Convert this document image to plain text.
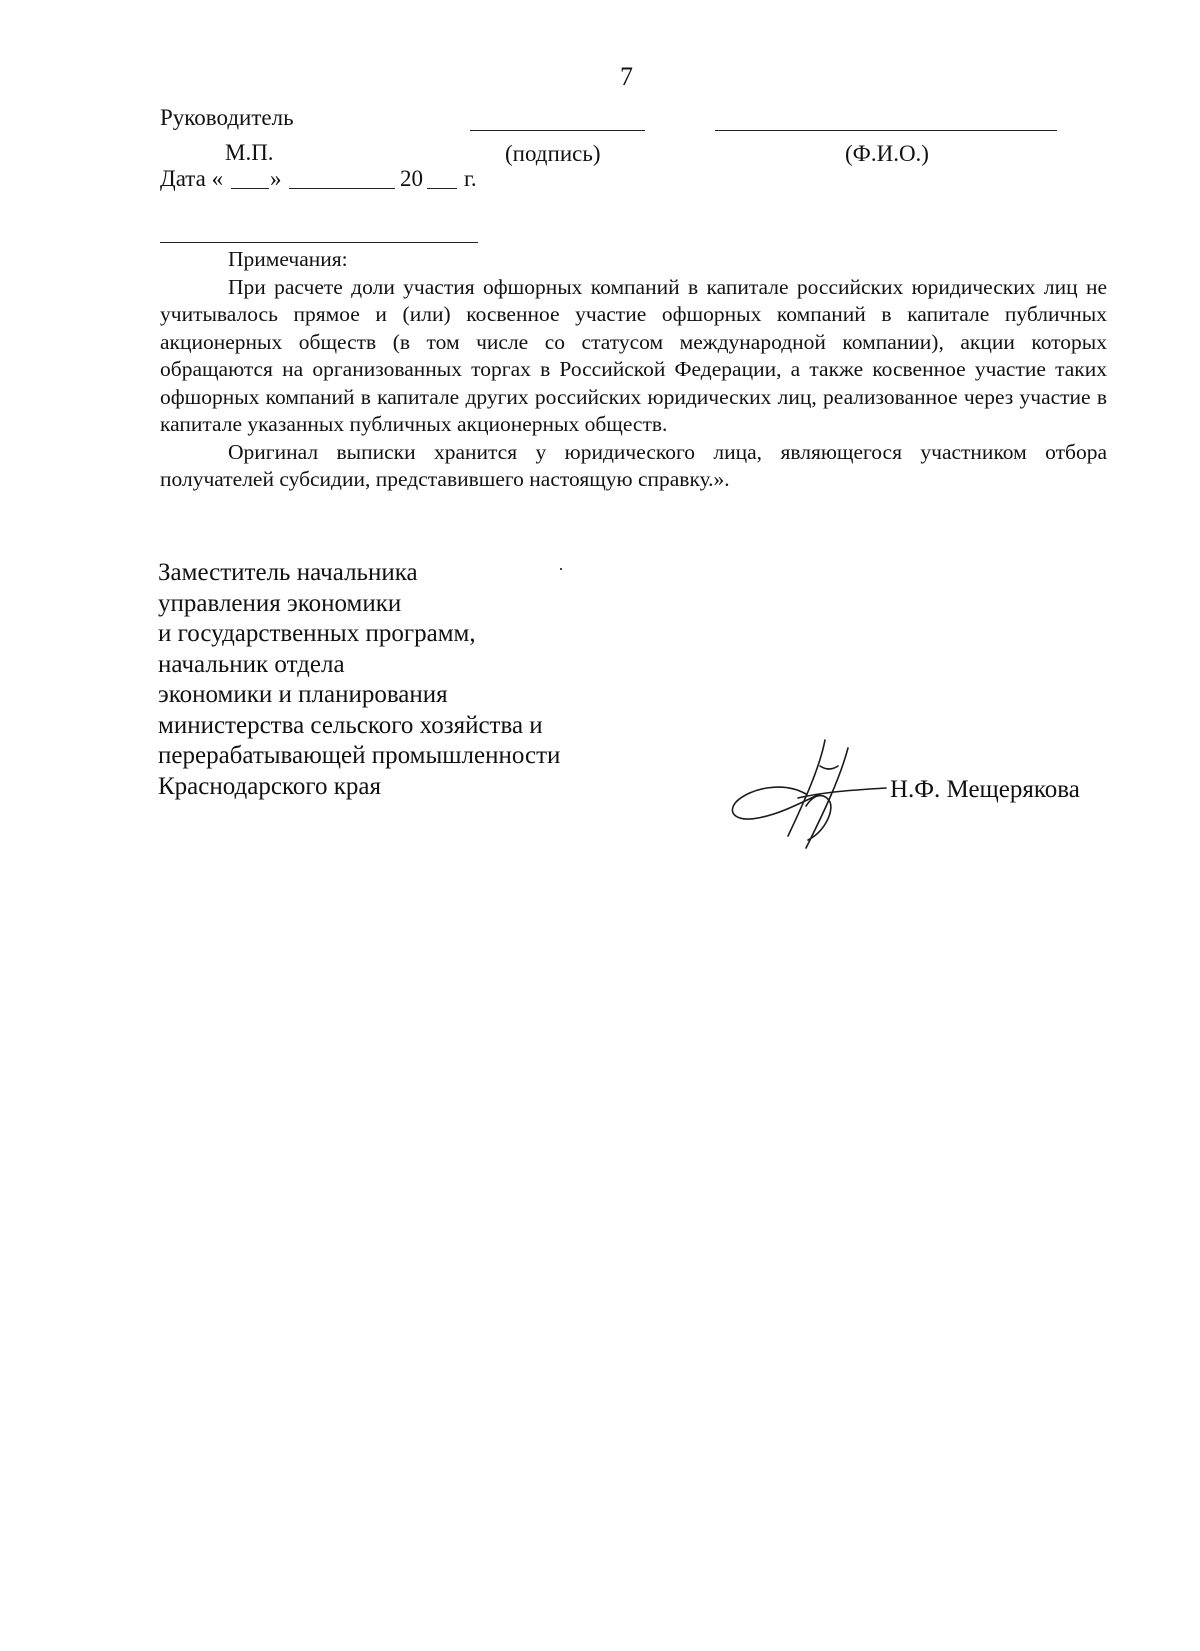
7
Руководитель
М.П.	(подпись)	(Ф.И.О.)
Дата « »	20 г.

Примечания:

При расчете доли участия офшорных компаний в капитале российских юридических лиц не учитывалось прямое и (или) косвенное участие офшорных компаний в капитале публичных акционерных обществ (в том числе со статусом международной компании), акции которых обращаются на организованных торгах в Российской Федерации, а также косвенное участие таких офшорных компаний в капитале других российских юридических лиц, реализованное через участие в капитале указанных публичных акционерных обществ.

Оригинал выписки хранится у юридического лица, являющегося участником отбора получателей субсидии, представившего настоящую справку.».

Заместитель начальника
управления экономики
и государственных программ,
начальник отдела
экономики и планирования
министерства сельского хозяйства и
перерабатывающей промышленности
Краснодарского края	Н.Ф. Мещерякова
